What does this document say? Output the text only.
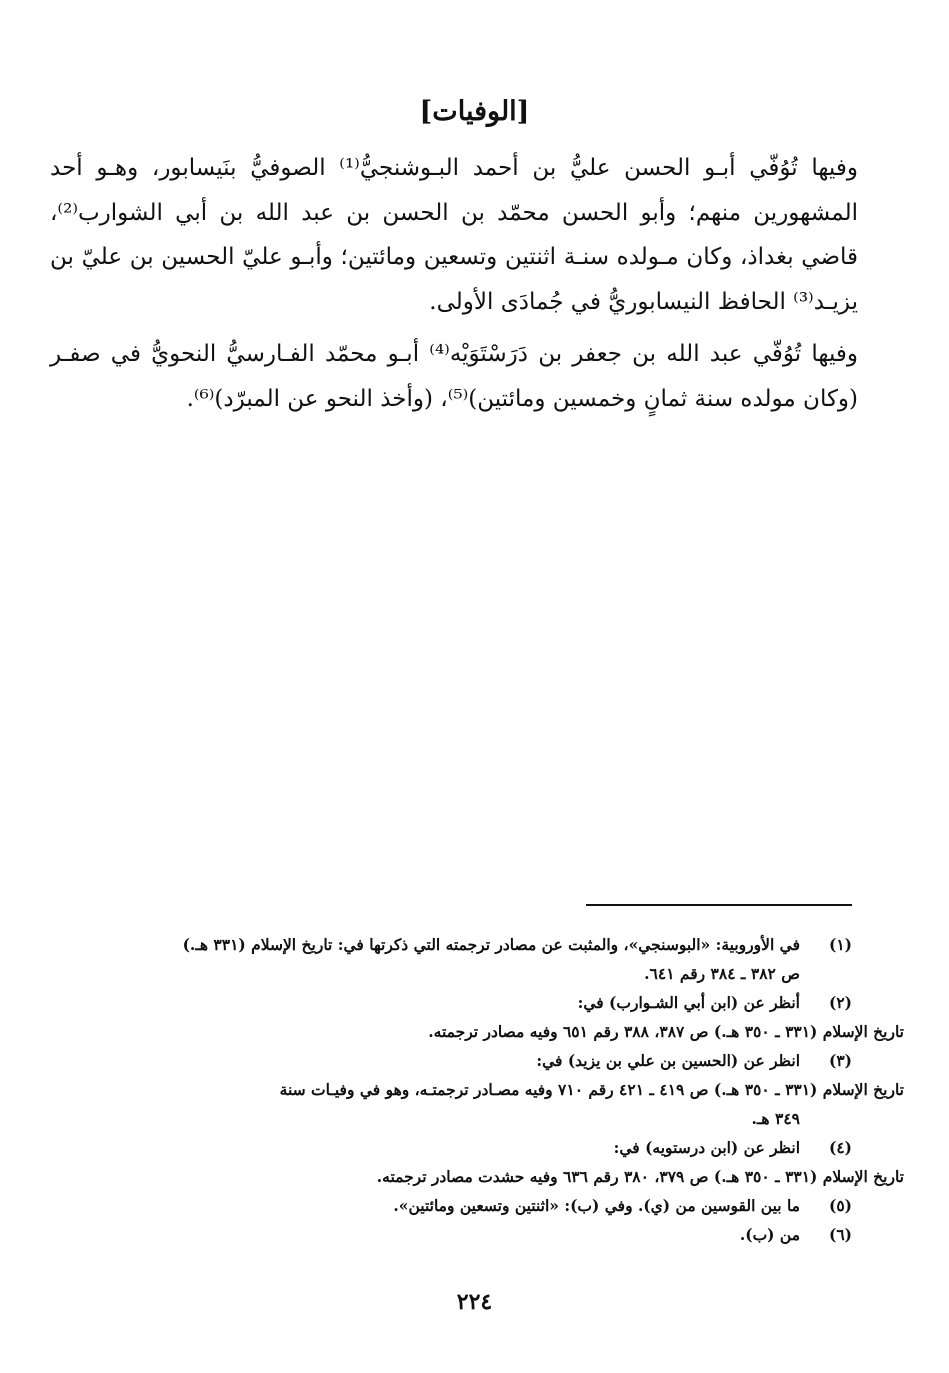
[الوفيات]

وفيها تُوُفّي أبـو الحسن عليُّ بن أحمد البـوشنجيُّ⁽¹⁾ الصوفيُّ بنَيسابور، وهـو أحد المشهورين منهم؛ وأبو الحسن محمّد بن الحسن بن عبد الله بن أبي الشوارب⁽²⁾، قاضي بغداذ، وكان مـولده سنـة اثنتين وتسعين ومائتين؛ وأبـو عليّ الحسين بن عليّ بن يزيـد⁽³⁾ الحافظ النيسابوريُّ في جُمادَى الأولى.

وفيها تُوُفّي عبد الله بن جعفر بن دَرَسْتَوَيْه⁽⁴⁾ أبـو محمّد الفـارسيُّ النحويُّ في صفـر (وكان مولده سنة ثمانٍ وخمسين ومائتين)⁽⁵⁾، (وأخذ النحو عن المبرّد)⁽⁶⁾.

(١)
في الأوروبية: «البوسنجي»، والمثبت عن مصادر ترجمته التي ذكرتها في: تاريخ الإسلام (٣٣١ هـ.)
ص ٣٨٢ ـ ٣٨٤ رقم ٦٤١.
(٢)
أنظر عن (ابن أبي الشـوارب) في:
تاريخ الإسلام (٣٣١ ـ ٣٥٠ هـ.) ص ٣٨٧، ٣٨٨ رقم ٦٥١ وفيه مصادر ترجمته.
(٣)
انظر عن (الحسين بن علي بن يزيد) في:
تاريخ الإسلام (٣٣١ ـ ٣٥٠ هـ.) ص ٤١٩ ـ ٤٢١ رقم ٧١٠ وفيه مصـادر ترجمتـه، وهو في وفيـات سنة
٣٤٩ هـ.
(٤)
انظر عن (ابن درستويه) في:
تاريخ الإسلام (٣٣١ ـ ٣٥٠ هـ.) ص ٣٧٩، ٣٨٠ رقم ٦٣٦ وفيه حشدت مصادر ترجمته.
(٥)
ما بين القوسين من (ي). وفي (ب): «اثنتين وتسعين ومائتين».
(٦)
من (ب).
٢٢٤
